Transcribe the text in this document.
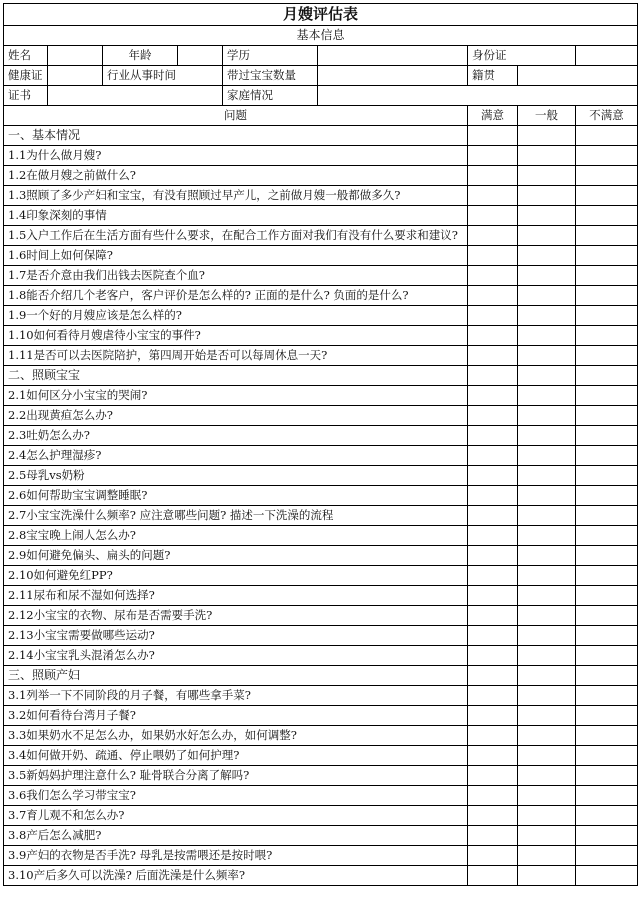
月嫂评估表								
基本信息								
姓名		年龄		学历		身份证		
健康证		行业从事时间		带过宝宝数量		籍贯		
证书				家庭情况				
问题						满意	一般	不满意
一、基本情况								
1.1为什么做月嫂?								
1.2在做月嫂之前做什么?								
1.3照顾了多少产妇和宝宝，有没有照顾过早产儿，之前做月嫂一般都做多久?								
1.4印象深刻的事情								
1.5入户工作后在生活方面有些什么要求，在配合工作方面对我们有没有什么要求和建议?								
1.6时间上如何保障?								
1.7是否介意由我们出钱去医院查个血?								
1.8能否介绍几个老客户，客户评价是怎么样的? 正面的是什么? 负面的是什么?								
1.9一个好的月嫂应该是怎么样的?								
1.10如何看待月嫂虐待小宝宝的事件?								
1.11是否可以去医院陪护，第四周开始是否可以每周休息一天?								
二、照顾宝宝								
2.1如何区分小宝宝的哭闹?								
2.2出现黄疸怎么办?								
2.3吐奶怎么办?								
2.4怎么护理湿疹?								
2.5母乳vs奶粉								
2.6如何帮助宝宝调整睡眠?								
2.7小宝宝洗澡什么频率? 应注意哪些问题? 描述一下洗澡的流程								
2.8宝宝晚上闹人怎么办?								
2.9如何避免偏头、扁头的问题?								
2.10如何避免红PP?								
2.11尿布和尿不湿如何选择?								
2.12小宝宝的衣物、尿布是否需要手洗?								
2.13小宝宝需要做哪些运动?								
2.14小宝宝乳头混淆怎么办?								
三、照顾产妇								
3.1列举一下不同阶段的月子餐，有哪些拿手菜?								
3.2如何看待台湾月子餐?								
3.3如果奶水不足怎么办，如果奶水好怎么办，如何调整?								
3.4如何做开奶、疏通、停止喂奶了如何护理?								
3.5新妈妈护理注意什么? 耻骨联合分离了解吗?								
3.6我们怎么学习带宝宝?								
3.7育儿观不和怎么办?								
3.8产后怎么减肥?								
3.9产妇的衣物是否手洗? 母乳是按需喂还是按时喂?								
3.10产后多久可以洗澡? 后面洗澡是什么频率?								
